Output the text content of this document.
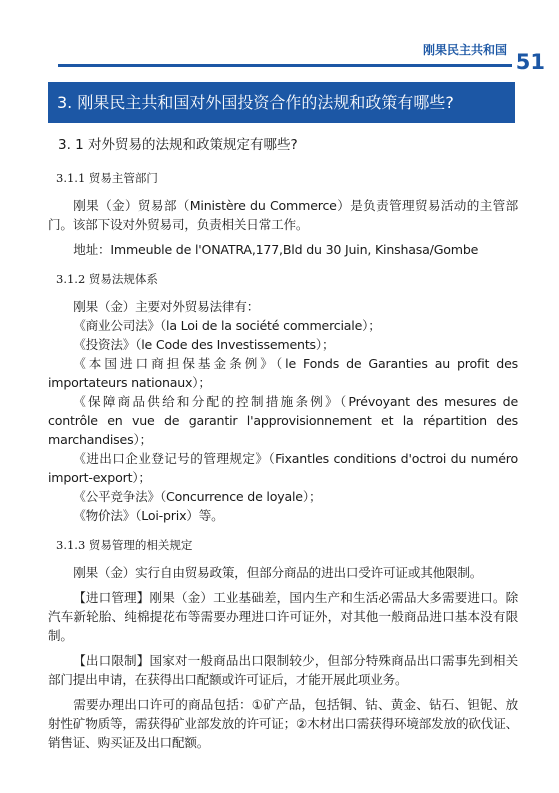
刚果民主共和国 51
3. 刚果民主共和国对外国投资合作的法规和政策有哪些?
3. 1 对外贸易的法规和政策规定有哪些?
3.1.1 贸易主管部门
刚果（金）贸易部（Ministère du Commerce）是负责管理贸易活动的主管部门。该部下设对外贸易司，负责相关日常工作。
地址：Immeuble de l'ONATRA,177,Bld du 30 Juin, Kinshasa/Gombe
3.1.2 贸易法规体系
刚果（金）主要对外贸易法律有：
《商业公司法》（la Loi de la société commerciale）；
《投资法》（le Code des Investissements）；
《本国进口商担保基金条例》（le Fonds de Garanties au profit des importateurs nationaux）；
《保障商品供给和分配的控制措施条例》（Prévoyant des mesures de contrôle en vue de garantir l'approvisionnement et la répartition des marchandises）；
《进出口企业登记号的管理规定》（Fixantles conditions d'octroi du numéro import-export）；
《公平竞争法》（Concurrence de loyale）；
《物价法》（Loi-prix）等。
3.1.3 贸易管理的相关规定
刚果（金）实行自由贸易政策，但部分商品的进出口受许可证或其他限制。
【进口管理】刚果（金）工业基础差，国内生产和生活必需品大多需要进口。除汽车新轮胎、纯棉提花布等需要办理进口许可证外，对其他一般商品进口基本没有限制。
【出口限制】国家对一般商品出口限制较少，但部分特殊商品出口需事先到相关部门提出申请，在获得出口配额或许可证后，才能开展此项业务。
需要办理出口许可的商品包括：①矿产品，包括铜、钴、黄金、钻石、钽铌、放射性矿物质等，需获得矿业部发放的许可证；②木材出口需获得环境部发放的砍伐证、销售证、购买证及出口配额。
